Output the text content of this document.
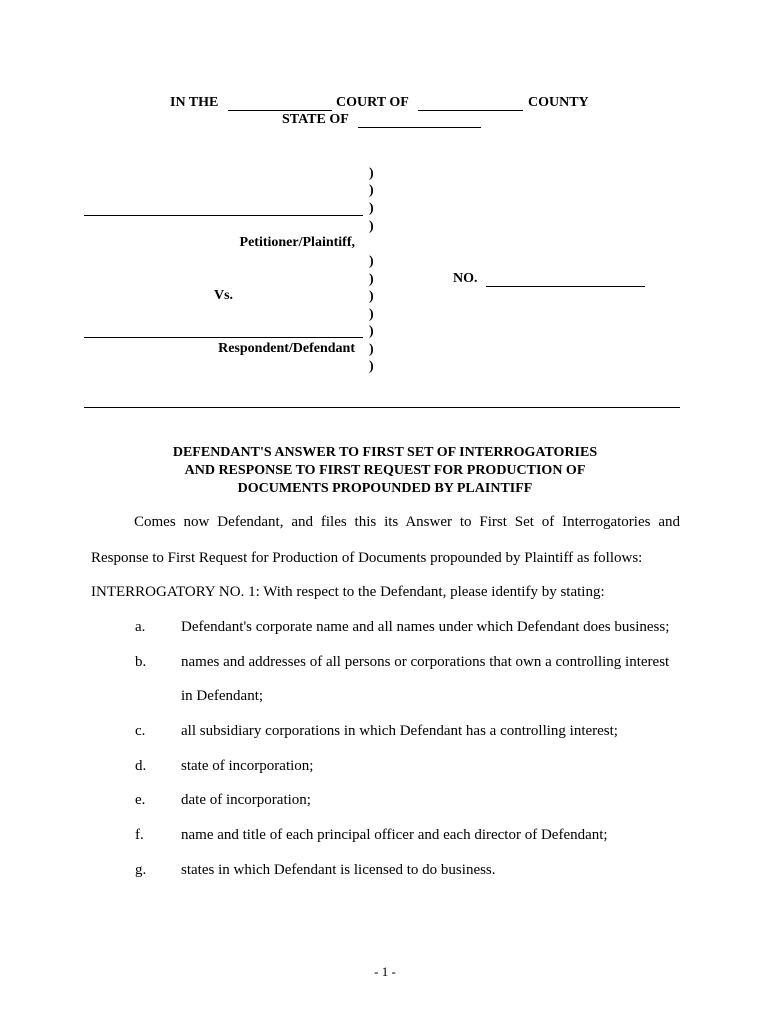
IN THE	COURT OF	COUNTY
STATE OF
)
)
)
)
)
)
)
)
)
)
)
Petitioner/Plaintiff,
Vs.
NO.
Respondent/Defendant
DEFENDANT'S ANSWER TO FIRST SET OF INTERROGATORIES
AND RESPONSE TO FIRST REQUEST FOR PRODUCTION OF
DOCUMENTS PROPOUNDED BY PLAINTIFF
Comes now Defendant, and files this its Answer to First Set of Interrogatories and
Response to First Request for Production of Documents propounded by Plaintiff as follows:
INTERROGATORY NO. 1: With respect to the Defendant, please identify by stating:
a. Defendant's corporate name and all names under which Defendant does business;
b. names and addresses of all persons or corporations that own a controlling interest
in Defendant;
c. all subsidiary corporations in which Defendant has a controlling interest;
d. state of incorporation;
e. date of incorporation;
f. name and title of each principal officer and each director of Defendant;
g. states in which Defendant is licensed to do business.
- 1 -
